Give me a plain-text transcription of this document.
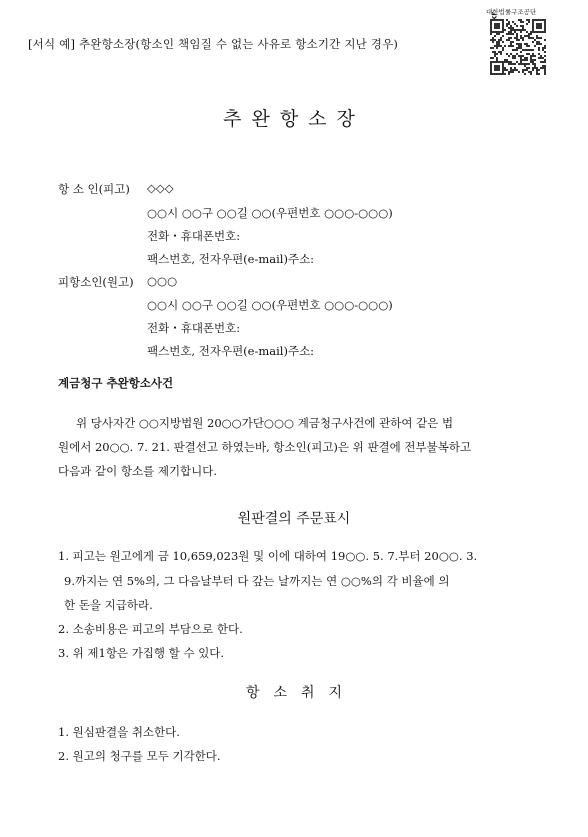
[서식 예] 추완항소장(항소인 책임질 수 없는 사유로 항소기간 지난 경우)
대한법률구조공단
추완항소장
항 소 인(피고) ◇◇◇
○○시 ○○구 ○○길 ○○(우편번호 ○○○-○○○)
전화・휴대폰번호:
팩스번호, 전자우편(e-mail)주소:
피항소인(원고) ○○○
○○시 ○○구 ○○길 ○○(우편번호 ○○○-○○○)
전화・휴대폰번호:
팩스번호, 전자우편(e-mail)주소:
계금청구 추완항소사건
위 당사자간 ○○지방법원 20○○가단○○○ 계금청구사건에 관하여 같은 법
원에서 20○○. 7. 21. 판결선고 하였는바, 항소인(피고)은 위 판결에 전부불복하고
다음과 같이 항소를 제기합니다.
원판결의 주문표시
1. 피고는 원고에게 금 10,659,023원 및 이에 대하여 19○○. 5. 7.부터 20○○. 3.
9.까지는 연 5%의, 그 다음날부터 다 갚는 날까지는 연 ○○%의 각 비율에 의
한 돈을 지급하라.
2. 소송비용은 피고의 부담으로 한다.
3. 위 제1항은 가집행 할 수 있다.
항소취지
1. 원심판결을 취소한다.
2. 원고의 청구를 모두 기각한다.
